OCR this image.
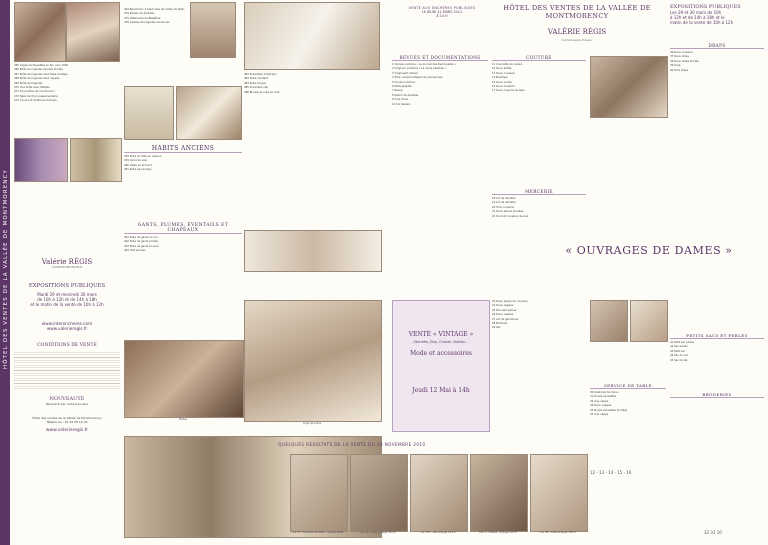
HÔTEL DES VENTES DE LA VALLÉE DE MONTMORENCY
465 Cages de fauvettes en fer, vers 1900
466 Boîte de lingeries de toile brodée
467 Boîte de lingeries dont taies brodées
468 Boîte de lingeries dont nappes
469 Boîte de lingeries
470 Une boîte avec Textiles
471 Cinq boîtes de communion
472 Tapis de lit en passementerie
473 Couvre-lit de Bocca-d'Arrezo
464 Beaumont, 4 fascicules de cartes de Noël...
474 Rideau de dentelle
475 Vêtements de Baptême
476 Caisses de lingeries anciennes
HABITS ANCIENS
478 Robe du XIXe en velours
479 Carré de soie
480 Veste en brocard
481 Robe de Lainage
482 Ensemble d'intérieur
483 Robe d'enfant
484 Robe longue
485 Ensemble cap
486 Blouse de robe en soie
GANTS, PLUMES, ÉVENTAILS ET CHAPEAUX
491 Paire de gants en cuir
492 Paire de gants brodés
493 Paire de gants en soie
494 Huit plumes
Valérie RÉGIS
COMMISSAIRE-PRISEUR
EXPOSITIONS PUBLIQUES
Mardi 29 et mercredi 30 mars
de 10h à 12h et de 14h à 18h
et le matin de la vente de 10h à 12h
www.interencheres.com
www.valerieregis.fr
CONDITIONS DE VENTE
NOUVEAUTÉ
Paiement par carte bancaire
Hôtel des ventes de la Vallée de Montmorency
Téléphone : 01 34 28 16 43
www.valerieregis.fr
Boîtes
Loge de toiles
VENTE AUX ENCHÈRES PUBLIQUES
LE JEUDI 31 MARS 2011
À 14 H
HÔTEL DES VENTES DE LA VALLÉE DE MONTMORENCY
VALÉRIE RÉGIS
Commissaire-Priseur
EXPOSITIONS PUBLIQUES
Les 29 et 30 mars de 10h
à 12h et de 14h à 18h et le
matin de la vente de 10h à 12h
REVUES ET DOCUMENTATIONS
1 Quinze numéros « Le Journal des Demoiselles »
2 Vingt-six numéros « La mode Illustrée »
3 Vingt-sept cahiers
4 Trois numéros Élégances parisiennes
5 Douze numéros
6 Photographie
7 Revue
8 Album de dentelle
9 Cinq livres
10 Six dessins
COUTURE
11 Une boîte de rubans
12 Deux boîtes
13 Deux coussins
14 Boutique
15 Deux carrés
16 Deux coussins
17 Deux crayons de tissu
DRAPS
36 Deux coussins
37 Deux draps
38 Deux draps brodés
39 Drap
40 Trois draps
« OUVRAGES DE DAMES »
MERCERIE
18 Lot de dentelle
19 Lot de dentelle
20 Trois coussins
21 Deux pièces brodées
22 Dix-huit coussins de soie
VENTE « VINTAGE »
(Hermès, Dior, Chanel, Vuitton…
Mode et accessoires
Jeudi 12 Mai à 14h
23 Deux paires de coussins
24 Deux nappes
25 Dix-neuf pièces
26 Deux nappes
27 Lot de garnitures
28 Broderie
29 Sac
SERVICE DE TABLE
30 Quatorze torchons
31 Douze serviettes
32 Une nappe
33 Deux nappes
34 Douze serviettes brodées
35 Une nappe
PETITS SACS ET PERLES
41 Petit sac perles
42 Sac perles
43 Petit sac
44 Sac du soir
45 Sac brodé
BRODERIES
12 - 13 - 14 - 15 - 16
32 31 10
QUELQUES RESULTATS DE LA VENTE DU 16 NOVEMBRE 2010
Lot 37 - Plaques dentelle - adjugé 280€	Lot 46 - Robe adjugé 350 €	Lot 120 - Bas adjugé 220 €	Lot 4 - Chaise - adjugé 320 €	Lot 98 - Boîte adjugé 140 €
